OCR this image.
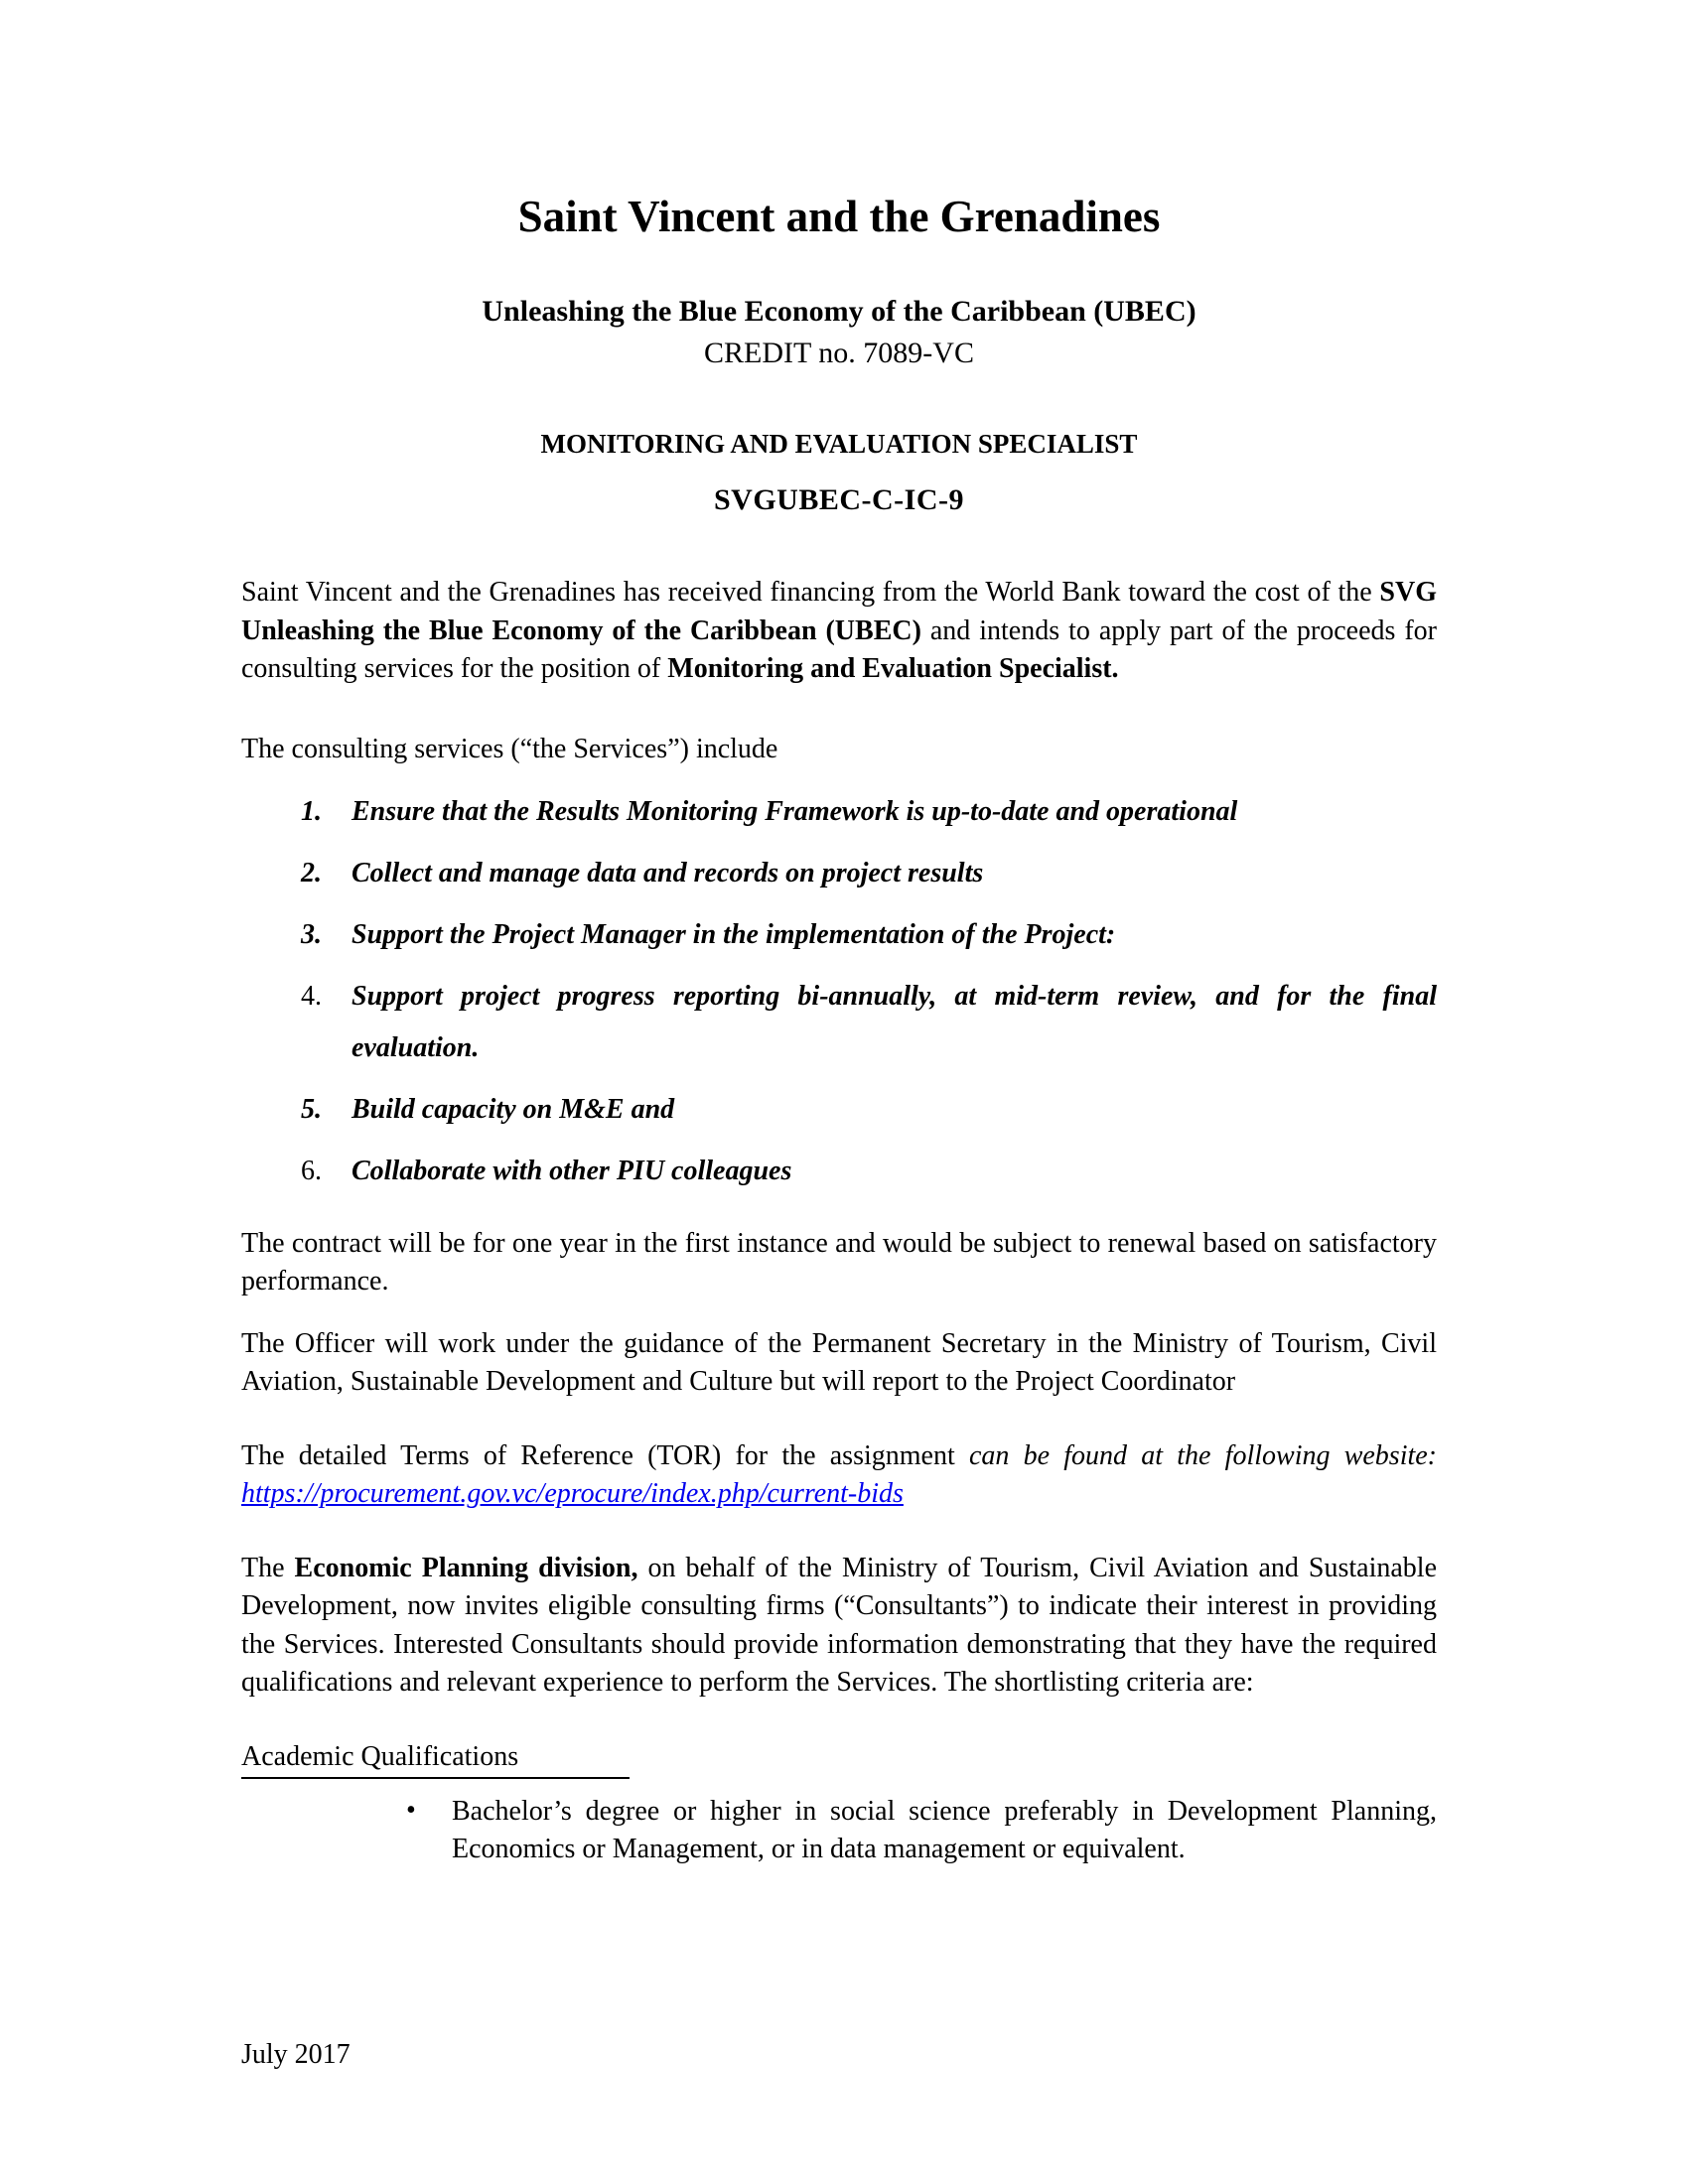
Saint Vincent and the Grenadines
Unleashing the Blue Economy of the Caribbean (UBEC)
CREDIT no. 7089-VC
MONITORING AND EVALUATION SPECIALIST
SVGUBEC-C-IC-9
Saint Vincent and the Grenadines has received financing from the World Bank toward the cost of the SVG Unleashing the Blue Economy of the Caribbean (UBEC) and intends to apply part of the proceeds for consulting services for the position of Monitoring and Evaluation Specialist.
The consulting services (“the Services”) include
1. Ensure that the Results Monitoring Framework is up-to-date and operational
2. Collect and manage data and records on project results
3. Support the Project Manager in the implementation of the Project:
4. Support project progress reporting bi-annually, at mid-term review, and for the final evaluation.
5. Build capacity on M&E and
6. Collaborate with other PIU colleagues
The contract will be for one year in the first instance and would be subject to renewal based on satisfactory performance.
The Officer will work under the guidance of the Permanent Secretary in the Ministry of Tourism, Civil Aviation, Sustainable Development and Culture but will report to the Project Coordinator
The detailed Terms of Reference (TOR) for the assignment can be found at the following website: https://procurement.gov.vc/eprocure/index.php/current-bids
The Economic Planning division, on behalf of the Ministry of Tourism, Civil Aviation and Sustainable Development, now invites eligible consulting firms (“Consultants”) to indicate their interest in providing the Services. Interested Consultants should provide information demonstrating that they have the required qualifications and relevant experience to perform the Services. The shortlisting criteria are:
Academic Qualifications
• Bachelor’s degree or higher in social science preferably in Development Planning, Economics or Management, or in data management or equivalent.
July 2017
